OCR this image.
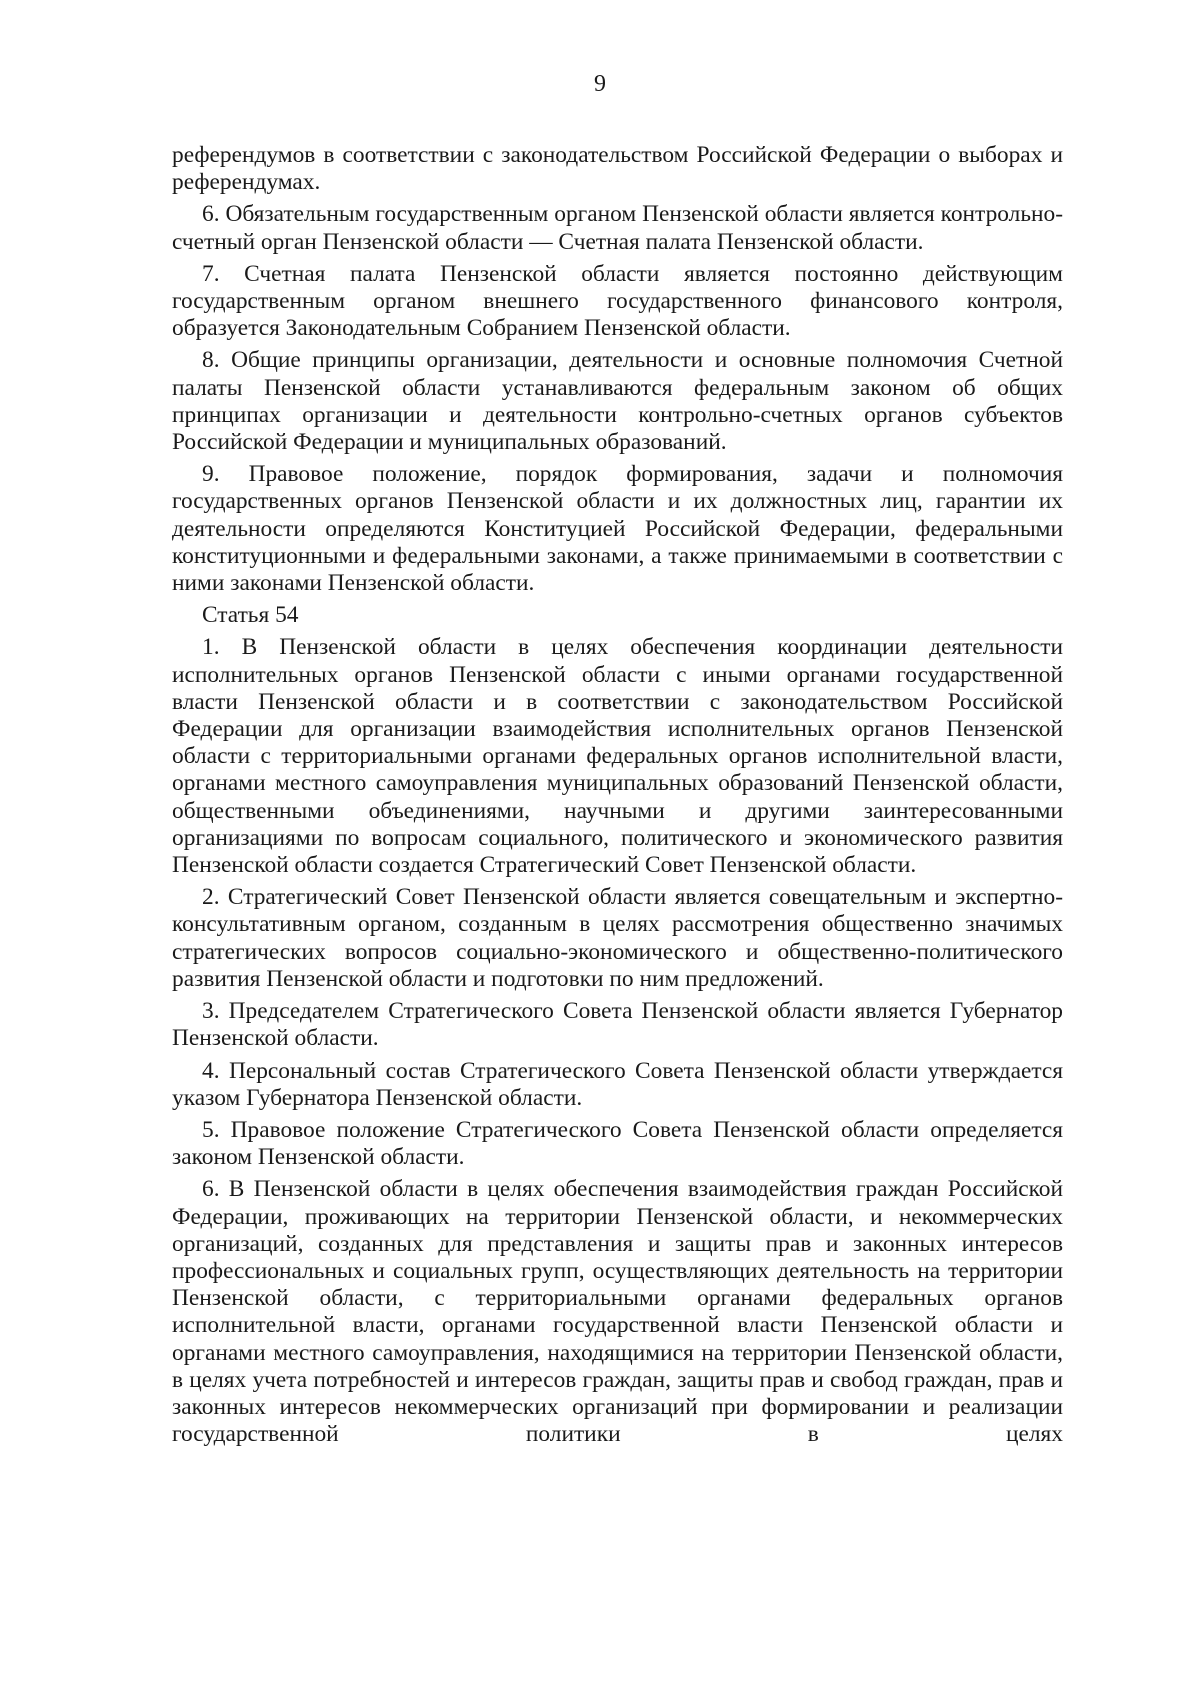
9

референдумов в соответствии с законодательством Российской Федерации о выборах и референдумах.

6. Обязательным государственным органом Пензенской области является контрольно-счетный орган Пензенской области — Счетная палата Пензенской области.

7. Счетная палата Пензенской области является постоянно действующим государственным органом внешнего государственного финансового контроля, образуется Законодательным Собранием Пензенской области.

8. Общие принципы организации, деятельности и основные полномочия Счетной палаты Пензенской области устанавливаются федеральным законом об общих принципах организации и деятельности контрольно-счетных органов субъектов Российской Федерации и муниципальных образований.

9. Правовое положение, порядок формирования, задачи и полномочия государственных органов Пензенской области и их должностных лиц, гарантии их деятельности определяются Конституцией Российской Федерации, федеральными конституционными и федеральными законами, а также принимаемыми в соответствии с ними законами Пензенской области.

Статья 54

1. В Пензенской области в целях обеспечения координации деятельности исполнительных органов Пензенской области с иными органами государственной власти Пензенской области и в соответствии с законодательством Российской Федерации для организации взаимодействия исполнительных органов Пензенской области с территориальными органами федеральных органов исполнительной власти, органами местного самоуправления муниципальных образований Пензенской области, общественными объединениями, научными и другими заинтересованными организациями по вопросам социального, политического и экономического развития Пензенской области создается Стратегический Совет Пензенской области.

2. Стратегический Совет Пензенской области является совещательным и экспертно-консультативным органом, созданным в целях рассмотрения общественно значимых стратегических вопросов социально-экономического и общественно-политического развития Пензенской области и подготовки по ним предложений.

3. Председателем Стратегического Совета Пензенской области является Губернатор Пензенской области.

4. Персональный состав Стратегического Совета Пензенской области утверждается указом Губернатора Пензенской области.

5. Правовое положение Стратегического Совета Пензенской области определяется законом Пензенской области.

6. В Пензенской области в целях обеспечения взаимодействия граждан Российской Федерации, проживающих на территории Пензенской области, и некоммерческих организаций, созданных для представления и защиты прав и законных интересов профессиональных и социальных групп, осуществляющих деятельность на территории Пензенской области, с территориальными органами федеральных органов исполнительной власти, органами государственной власти Пензенской области и органами местного самоуправления, находящимися на территории Пензенской области, в целях учета потребностей и интересов граждан, защиты прав и свобод граждан, прав и законных интересов некоммерческих организаций при формировании и реализации государственной политики в целях
